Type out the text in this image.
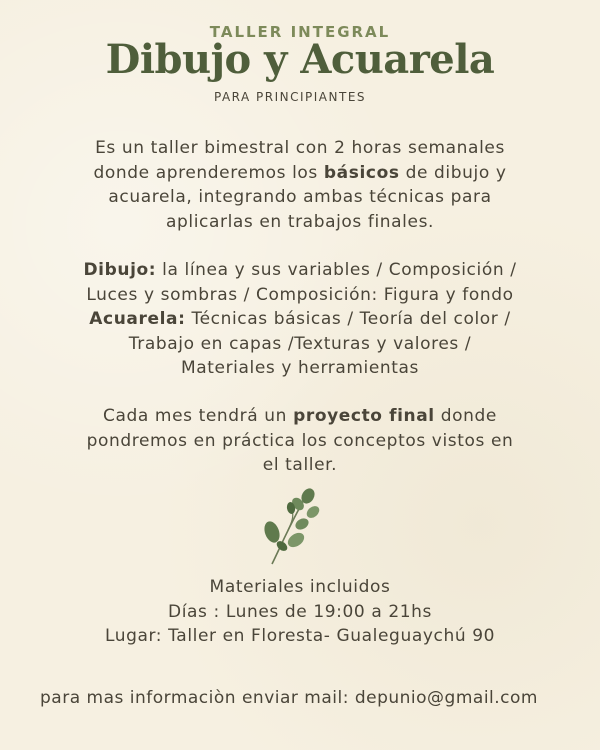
TALLER INTEGRAL
Dibujo y Acuarela
PARA PRINCIPIANTES
Es un taller bimestral con 2 horas semanales
donde aprenderemos los básicos de dibujo y
acuarela, integrando ambas técnicas para
aplicarlas en trabajos finales.
Dibujo: la línea y sus variables / Composición /
Luces y sombras / Composición: Figura y fondo
Acuarela: Técnicas básicas / Teoría del color /
Trabajo en capas /Texturas y valores /
Materiales y herramientas
Cada mes tendrá un proyecto final donde
pondremos en práctica los conceptos vistos en
el taller.
Materiales incluidos
Días : Lunes de 19:00 a 21hs
Lugar: Taller en Floresta- Gualeguaychú 90
para mas informaciòn enviar mail: depunio@gmail.com
